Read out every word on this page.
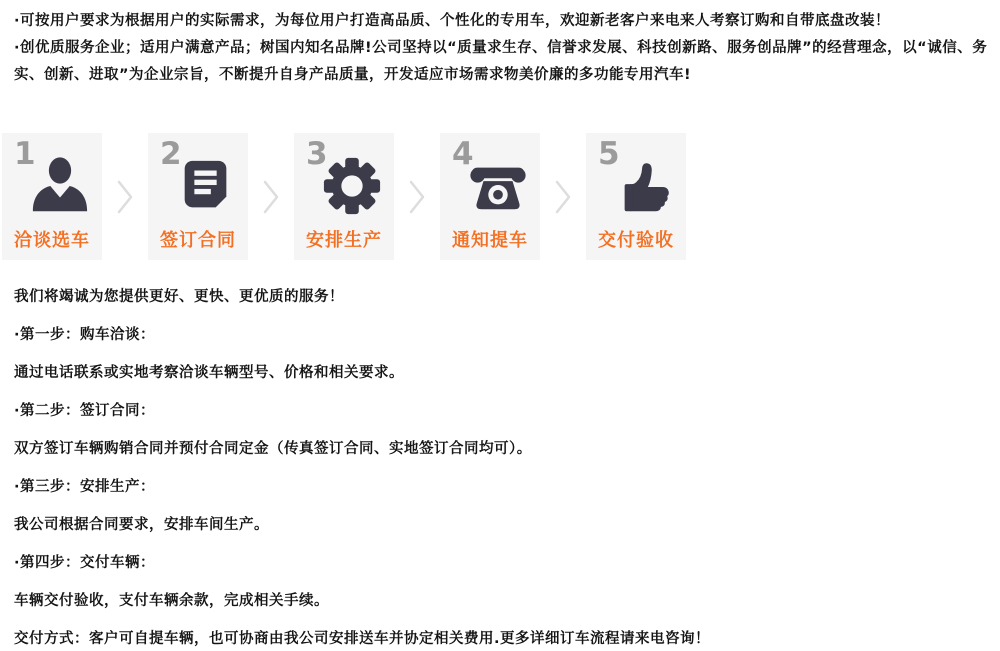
·可按用户要求为根据用户的实际需求，为每位用户打造高品质、个性化的专用车，欢迎新老客户来电来人考察订购和自带底盘改装！

·创优质服务企业；适用户满意产品；树国内知名品牌!公司坚持以“质量求生存、信誉求发展、科技创新路、服务创品牌”的经营理念，以“诚信、务实、创新、进取”为企业宗旨，不断提升自身产品质量，开发适应市场需求物美价廉的多功能专用汽车!

1
洽谈选车
2
签订合同
3
安排生产
4
通知提车
5
交付验收

我们将竭诚为您提供更好、更快、更优质的服务！

·第一步：购车洽谈：

通过电话联系或实地考察洽谈车辆型号、价格和相关要求。

·第二步：签订合同：

双方签订车辆购销合同并预付合同定金（传真签订合同、实地签订合同均可）。

·第三步：安排生产：

我公司根据合同要求，安排车间生产。

·第四步：交付车辆：

车辆交付验收，支付车辆余款，完成相关手续。

交付方式：客户可自提车辆，也可协商由我公司安排送车并协定相关费用.更多详细订车流程请来电咨询！
